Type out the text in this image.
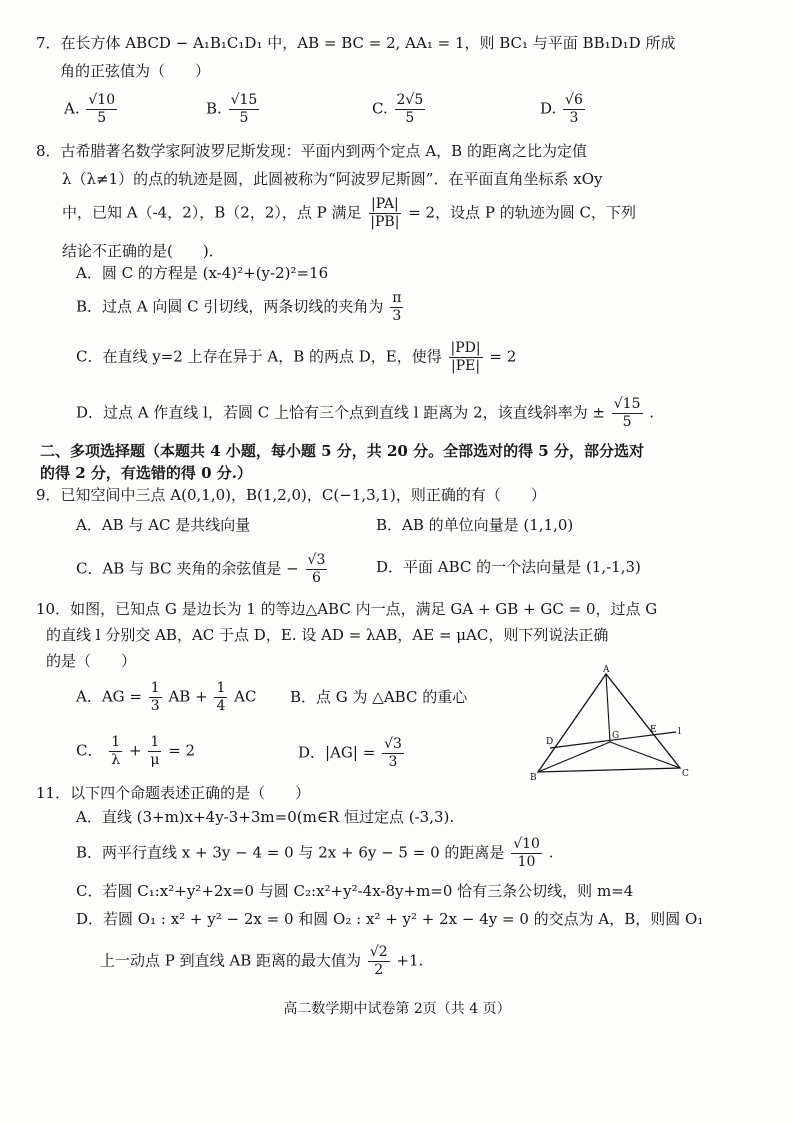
7．在长方体 ABCD − A₁B₁C₁D₁ 中，AB = BC = 2, AA₁ = 1，则 BC₁ 与平面 BB₁D₁D 所成
角的正弦值为（　　）
A. $\frac{√10}{5}$	B. $\frac{√15}{5}$	C. $\frac{2√5}{5}$	D. $\frac{√6}{3}$
8．古希腊著名数学家阿波罗尼斯发现：平面内到两个定点 A，B 的距离之比为定值
λ（λ≠1）的点的轨迹是圆，此圆被称为“阿波罗尼斯圆”．在平面直角坐标系 xOy
中，已知 A（-4，2），B（2，2），点 P 满足 $\frac{|PA|}{|PB|} = 2$，设点 P 的轨迹为圆 C，下列
结论不正确的是(　　)．
A．圆 C 的方程是 (x-4)²+(y-2)²=16
B．过点 A 向圆 C 引切线，两条切线的夹角为 $\frac{\pi}{3}$
C．在直线 y=2 上存在异于 A，B 的两点 D，E，使得 $\frac{|PD|}{|PE|} = 2$
D．过点 A 作直线 l，若圆 C 上恰有三个点到直线 l 距离为 2，该直线斜率为 ± $\frac{√15}{5}$ .
二、多项选择题（本题共 4 小题，每小题 5 分，共 20 分。全部选对的得 5 分，部分选对
的得 2 分，有选错的得 0 分.）
9．已知空间中三点 A(0,1,0)，B(1,2,0)，C(−1,3,1)，则正确的有（　　）
A．AB 与 AC 是共线向量	B．AB 的单位向量是 (1,1,0)
C．AB 与 BC 夹角的余弦值是 − $\frac{√3}{6}$	D．平面 ABC 的一个法向量是 (1,-1,3)
10．如图，已知点 G 是边长为 1 的等边△ABC 内一点，满足 GA + GB + GC = 0，过点 G
的直线 l 分别交 AB，AC 于点 D，E. 设 AD = λAB，AE = μAC，则下列说法正确
的是（　　）
A．AG = $\frac{1}{3}$ AB + $\frac{1}{4}$ AC B．点 G 为 △ABC 的重心
C． $\frac{1}{\lambda} + \frac{1}{\mu} = 2$	D．$|AG| = \frac{√3}{3}$
A
B	C
D
E
G	l
11．以下四个命题表述正确的是（　　）
A．直线 (3+m)x+4y-3+3m=0(m∈R 恒过定点 (-3,3).
B．两平行直线 x + 3y − 4 = 0 与 2x + 6y − 5 = 0 的距离是 $\frac{√10}{10}$ .
C．若圆 C₁:x²+y²+2x=0 与圆 C₂:x²+y²-4x-8y+m=0 恰有三条公切线，则 m=4
D．若圆 O₁ : x² + y² − 2x = 0 和圆 O₂ : x² + y² + 2x − 4y = 0 的交点为 A，B，则圆 O₁
上一动点 P 到直线 AB 距离的最大值为 $\frac{√2}{2} +1$.
高二数学期中试卷第 2页（共 4 页）
